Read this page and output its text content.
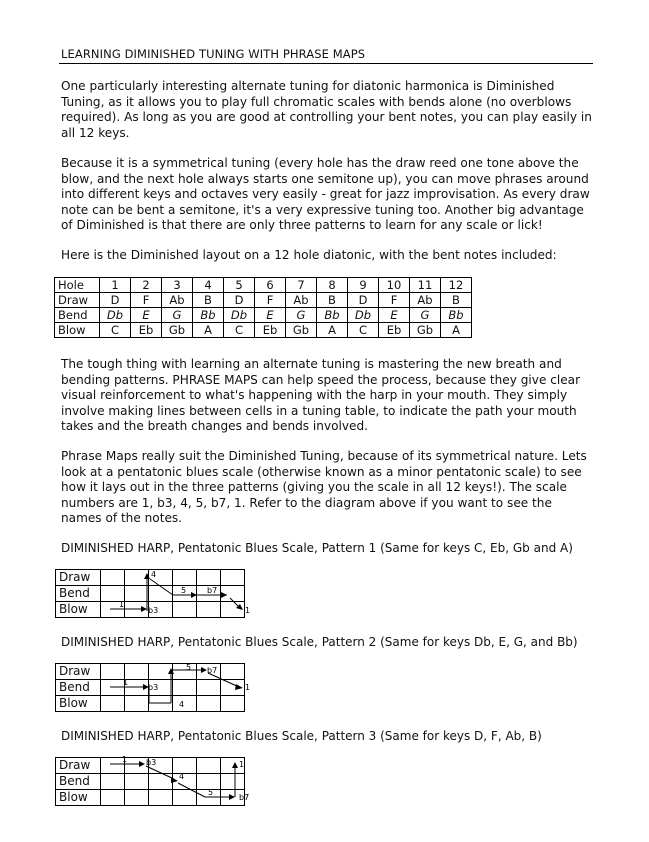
LEARNING DIMINISHED TUNING WITH PHRASE MAPS

One particularly interesting alternate tuning for diatonic harmonica is Diminished Tuning, as it allows you to play full chromatic scales with bends alone (no overblows required). As long as you are good at controlling your bent notes, you can play easily in all 12 keys.

Because it is a symmetrical tuning (every hole has the draw reed one tone above the blow, and the next hole always starts one semitone up), you can move phrases around into different keys and octaves very easily - great for jazz improvisation. As every draw note can be bent a semitone, it's a very expressive tuning too. Another big advantage of Diminished is that there are only three patterns to learn for any scale or lick!

Here is the Diminished layout on a 12 hole diatonic, with the bent notes included:

Hole	1	2	3	4	5	6	7	8	9	10	11	12
Draw	D	F	Ab	B	D	F	Ab	B	D	F	Ab	B
Bend	Db	E	G	Bb	Db	E	G	Bb	Db	E	G	Bb
Blow	C	Eb	Gb	A	C	Eb	Gb	A	C	Eb	Gb	A

The tough thing with learning an alternate tuning is mastering the new breath and bending patterns. PHRASE MAPS can help speed the process, because they give clear visual reinforcement to what's happening with the harp in your mouth. They simply involve making lines between cells in a tuning table, to indicate the path your mouth takes and the breath changes and bends involved.

Phrase Maps really suit the Diminished Tuning, because of its symmetrical nature. Lets look at a pentatonic blues scale (otherwise known as a minor pentatonic scale) to see how it lays out in the three patterns (giving you the scale in all 12 keys!). The scale numbers are 1, b3, 4, 5, b7, 1. Refer to the diagram above if you want to see the names of the notes.

DIMINISHED HARP, Pentatonic Blues Scale, Pattern 1 (Same for keys C, Eb, Gb and A)
Draw						
Bend						
Blow							1
b3
4
5	b7
1
DIMINISHED HARP, Pentatonic Blues Scale, Pattern 2 (Same for keys Db, E, G, and Bb)
Draw						
Bend						
Blow						
1
b3
4
5 b7
1
DIMINISHED HARP, Pentatonic Blues Scale, Pattern 3 (Same for keys D, F, Ab, B)
Draw						
Bend						
Blow						
1 b3
4
5
b7
1
